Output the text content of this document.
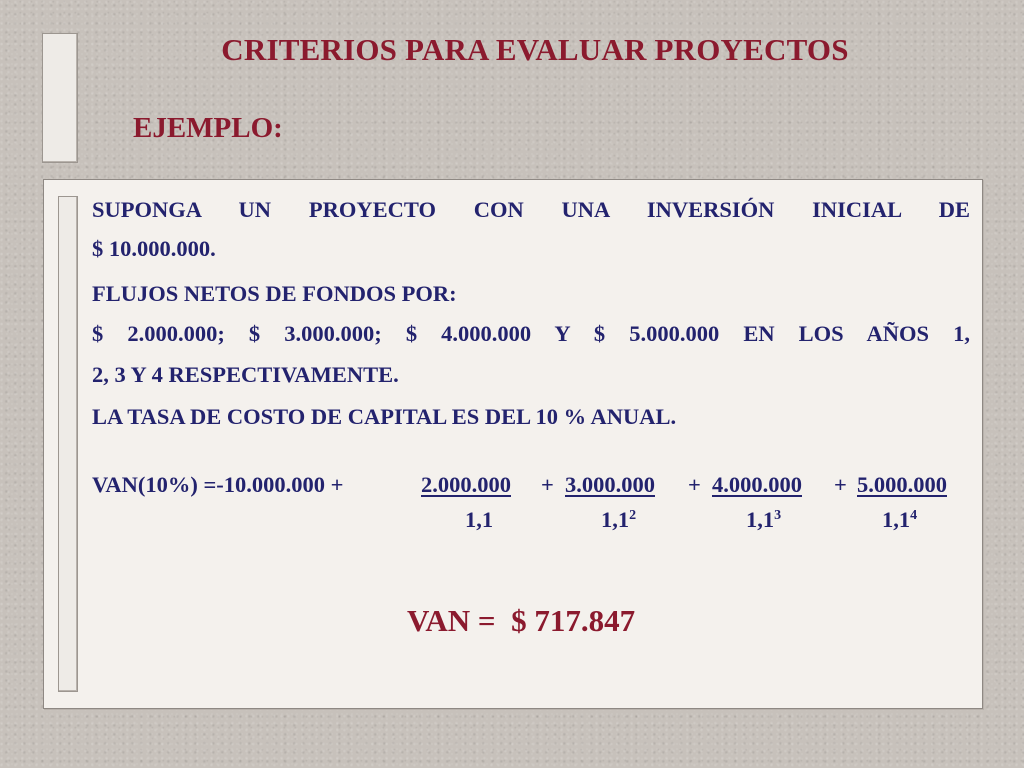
CRITERIOS PARA EVALUAR PROYECTOS
EJEMPLO:
SUPONGA UN PROYECTO CON UNA INVERSIÓN INICIAL DE
$ 10.000.000.
FLUJOS NETOS DE FONDOS POR:
$ 2.000.000; $ 3.000.000; $ 4.000.000 Y $ 5.000.000 EN LOS AÑOS 1,
2, 3 Y 4 RESPECTIVAMENTE.
LA TASA DE COSTO DE CAPITAL ES DEL 10 % ANUAL.
VAN(10%) =-10.000.000 +	2.000.000 + 3.000.000 + 4.000.000 + 5.000.000
1,1	$1,1^2$	$1,1^3$	$1,1^4$
VAN =  $ 717.847
